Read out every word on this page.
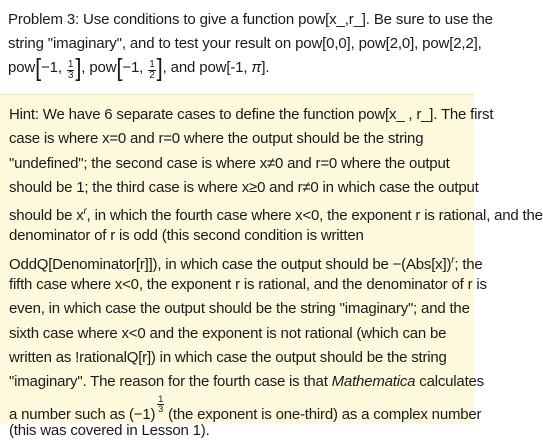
Problem 3: Use conditions to give a function pow[x_,r_]. Be sure to use the
string "imaginary", and to test your result on pow[0,0], pow[2,0], pow[2,2],
pow[−1, $\frac{1}{3}$ ], pow[−1, $\frac{1}{2}$ ], and pow[-1, π].
Hint: We have 6 separate cases to define the function pow[x_ , r_]. The first
case is where x=0 and r=0 where the output should be the string
"undefined"; the second case is where x≠0 and r=0 where the output
should be 1; the third case is where x≥0 and r≠0 in which case the output
should be $x^r$, in which the fourth case where x<0, the exponent r is rational, and the
denominator of r is odd (this second condition is written
OddQ[Denominator[r]]), in which case the output should be $-(Abs[x])^r$; the
fifth case where x<0, the exponent r is rational, and the denominator of r is
even, in which case the output should be the string "imaginary"; and the
sixth case where x<0 and the exponent is not rational (which can be
written as !rationalQ[r]) in which case the output should be the string
"imaginary". The reason for the fourth case is that Mathematica calculates
a number such as (−1)
$\frac{1}{3}$
(the exponent is one-third) as a complex number
(this was covered in Lesson 1).
